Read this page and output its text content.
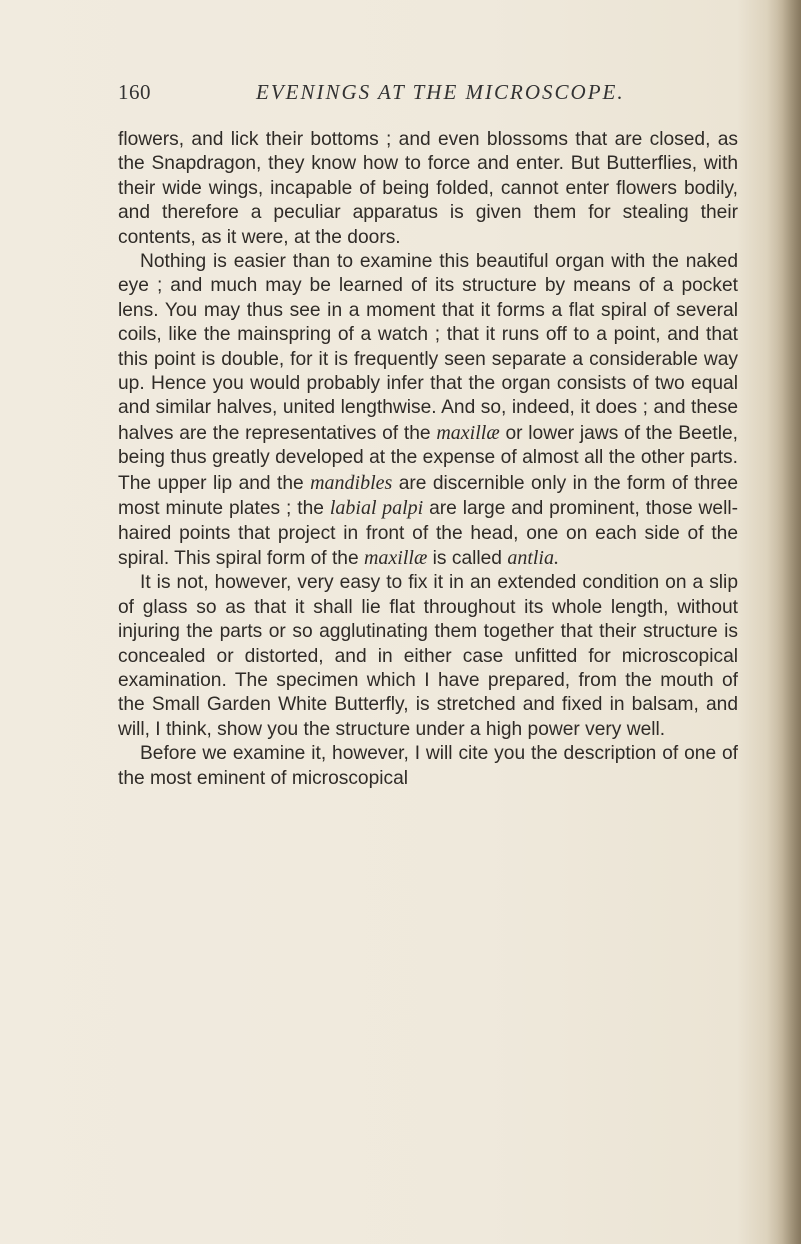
160	EVENINGS AT THE MICROSCOPE.

flowers, and lick their bottoms ; and even blossoms that are closed, as the Snapdragon, they know how to force and enter. But Butterflies, with their wide wings, incapable of being folded, cannot enter flowers bodily, and therefore a peculiar apparatus is given them for stealing their contents, as it were, at the doors.

Nothing is easier than to examine this beautiful organ with the naked eye ; and much may be learned of its structure by means of a pocket lens. You may thus see in a moment that it forms a flat spiral of several coils, like the mainspring of a watch ; that it runs off to a point, and that this point is double, for it is frequently seen separate a considerable way up. Hence you would probably infer that the organ consists of two equal and similar halves, united lengthwise. And so, indeed, it does ; and these halves are the representatives of the maxillæ or lower jaws of the Beetle, being thus greatly developed at the expense of almost all the other parts. The upper lip and the mandibles are discernible only in the form of three most minute plates ; the labial palpi are large and prominent, those well-haired points that project in front of the head, one on each side of the spiral. This spiral form of the maxillæ is called antlia.

It is not, however, very easy to fix it in an extended condition on a slip of glass so as that it shall lie flat throughout its whole length, without injuring the parts or so agglutinating them together that their structure is concealed or distorted, and in either case unfitted for microscopical examination. The specimen which I have prepared, from the mouth of the Small Garden White Butterfly, is stretched and fixed in balsam, and will, I think, show you the structure under a high power very well.

Before we examine it, however, I will cite you the description of one of the most eminent of microscopical
